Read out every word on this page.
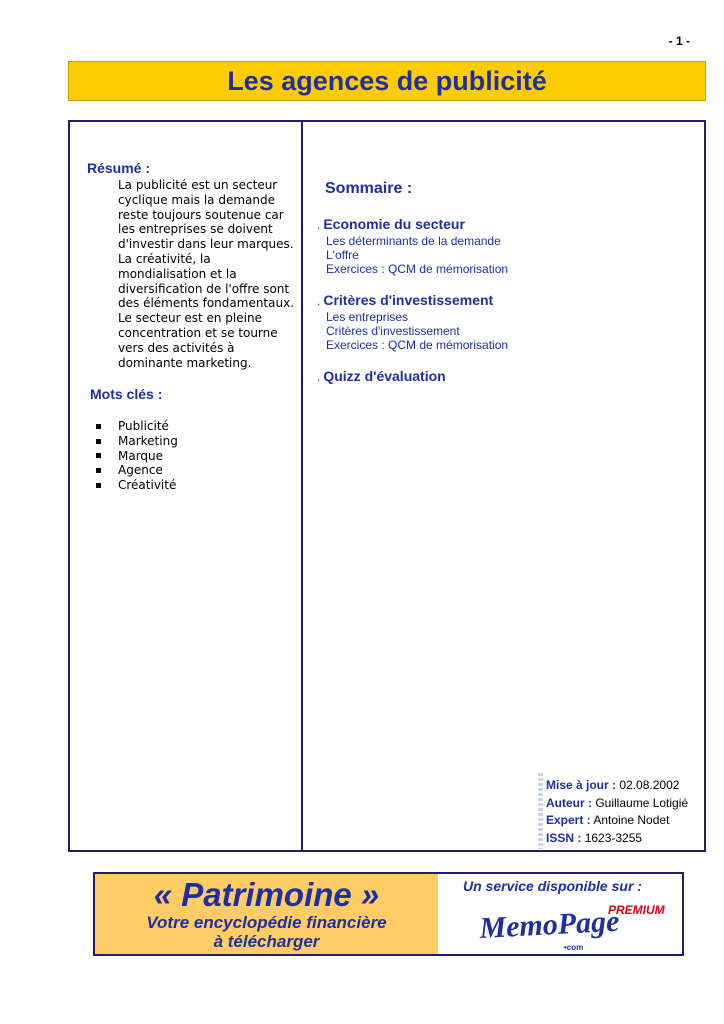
- 1 -
Les agences de publicité
Résumé :
La publicité est un secteur cyclique mais la demande reste toujours soutenue car les entreprises se doivent d'investir dans leur marques. La créativité, la mondialisation et la diversification de l'offre sont des éléments fondamentaux. Le secteur est en pleine concentration et se tourne vers des activités à dominante marketing.
Mots clés :
Publicité
Marketing
Marque
Agence
Créativité
Sommaire :
. Economie du secteur
Les déterminants de la demande
L'offre
Exercices : QCM de mémorisation
. Critères d'investissement
Les entreprises
Critères d'investissement
Exercices : QCM de mémorisation
. Quizz d'évaluation
Mise à jour : 02.08.2002
Auteur : Guillaume Lotigié
Expert : Antoine Nodet
ISSN : 1623-3255
« Patrimoine »
Votre encyclopédie financière
à télécharger
Un service disponible sur :
PREMIUM
MemoPage
•com
